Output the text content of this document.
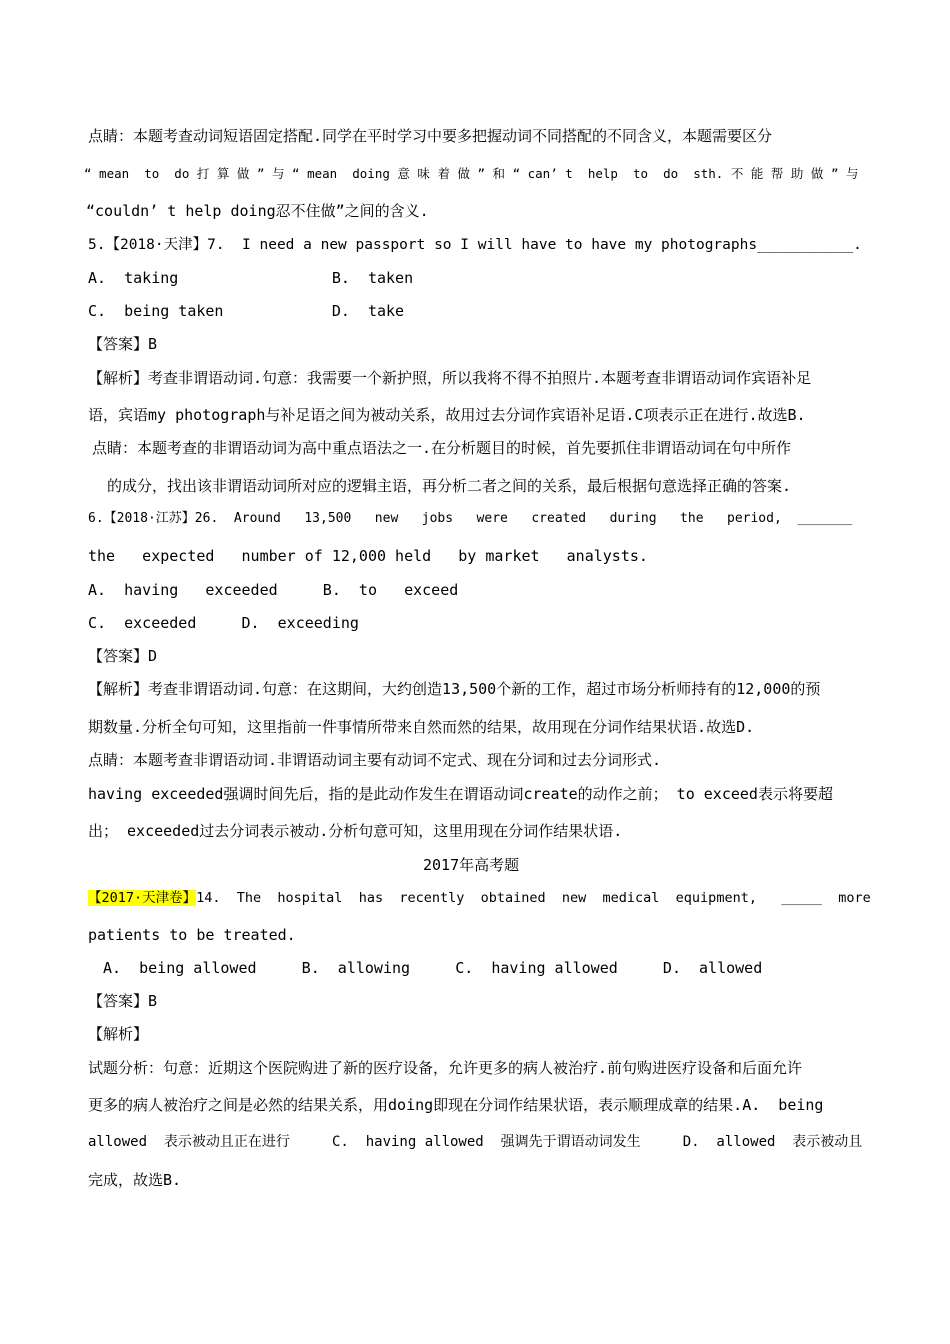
点睛：本题考查动词短语固定搭配.同学在平时学习中要多把握动词不同搭配的不同含义，本题需要区分
“ mean  to  do 打 算 做 ” 与 “ mean  doing 意 味 着 做 ” 和 “ can’ t  help  to  do  sth. 不 能 帮 助 做 ” 与
“couldn’ t help doing忍不住做”之间的含义.
5.【2018·天津】7.  I need a new passport so I will have to have my photographs___________.
A.  taking                 B.  taken
C.  being taken            D.  take
【答案】B
【解析】考查非谓语动词.句意：我需要一个新护照，所以我将不得不拍照片.本题考查非谓语动词作宾语补足
语，宾语my photograph与补足语之间为被动关系，故用过去分词作宾语补足语.C项表示正在进行.故选B.
点睛：本题考查的非谓语动词为高中重点语法之一.在分析题目的时候，首先要抓住非谓语动词在句中所作
的成分，找出该非谓语动词所对应的逻辑主语，再分析二者之间的关系，最后根据句意选择正确的答案.
6.【2018·江苏】26.  Around   13,500   new   jobs   were   created   during   the   period,  _______
the   expected   number of 12,000 held   by market   analysts.
A.  having   exceeded     B.  to   exceed
C.  exceeded     D.  exceeding
【答案】D
【解析】考查非谓语动词.句意：在这期间，大约创造13,500个新的工作，超过市场分析师持有的12,000的预
期数量.分析全句可知，这里指前一件事情所带来自然而然的结果，故用现在分词作结果状语.故选D.
点睛：本题考查非谓语动词.非谓语动词主要有动词不定式、现在分词和过去分词形式.
having exceeded强调时间先后，指的是此动作发生在谓语动词create的动作之前； to exceed表示将要超
出； exceeded过去分词表示被动.分析句意可知，这里用现在分词作结果状语.
2017年高考题
【2017·天津卷】14.  The  hospital  has  recently  obtained  new  medical  equipment,   _____  more
patients to be treated.
A.  being allowed     B.  allowing     C.  having allowed     D.  allowed
【答案】B
【解析】
试题分析：句意：近期这个医院购进了新的医疗设备，允许更多的病人被治疗.前句购进医疗设备和后面允许
更多的病人被治疗之间是必然的结果关系，用doing即现在分词作结果状语，表示顺理成章的结果.A.  being
allowed  表示被动且正在进行     C.  having allowed  强调先于谓语动词发生     D.  allowed  表示被动且
完成，故选B.
